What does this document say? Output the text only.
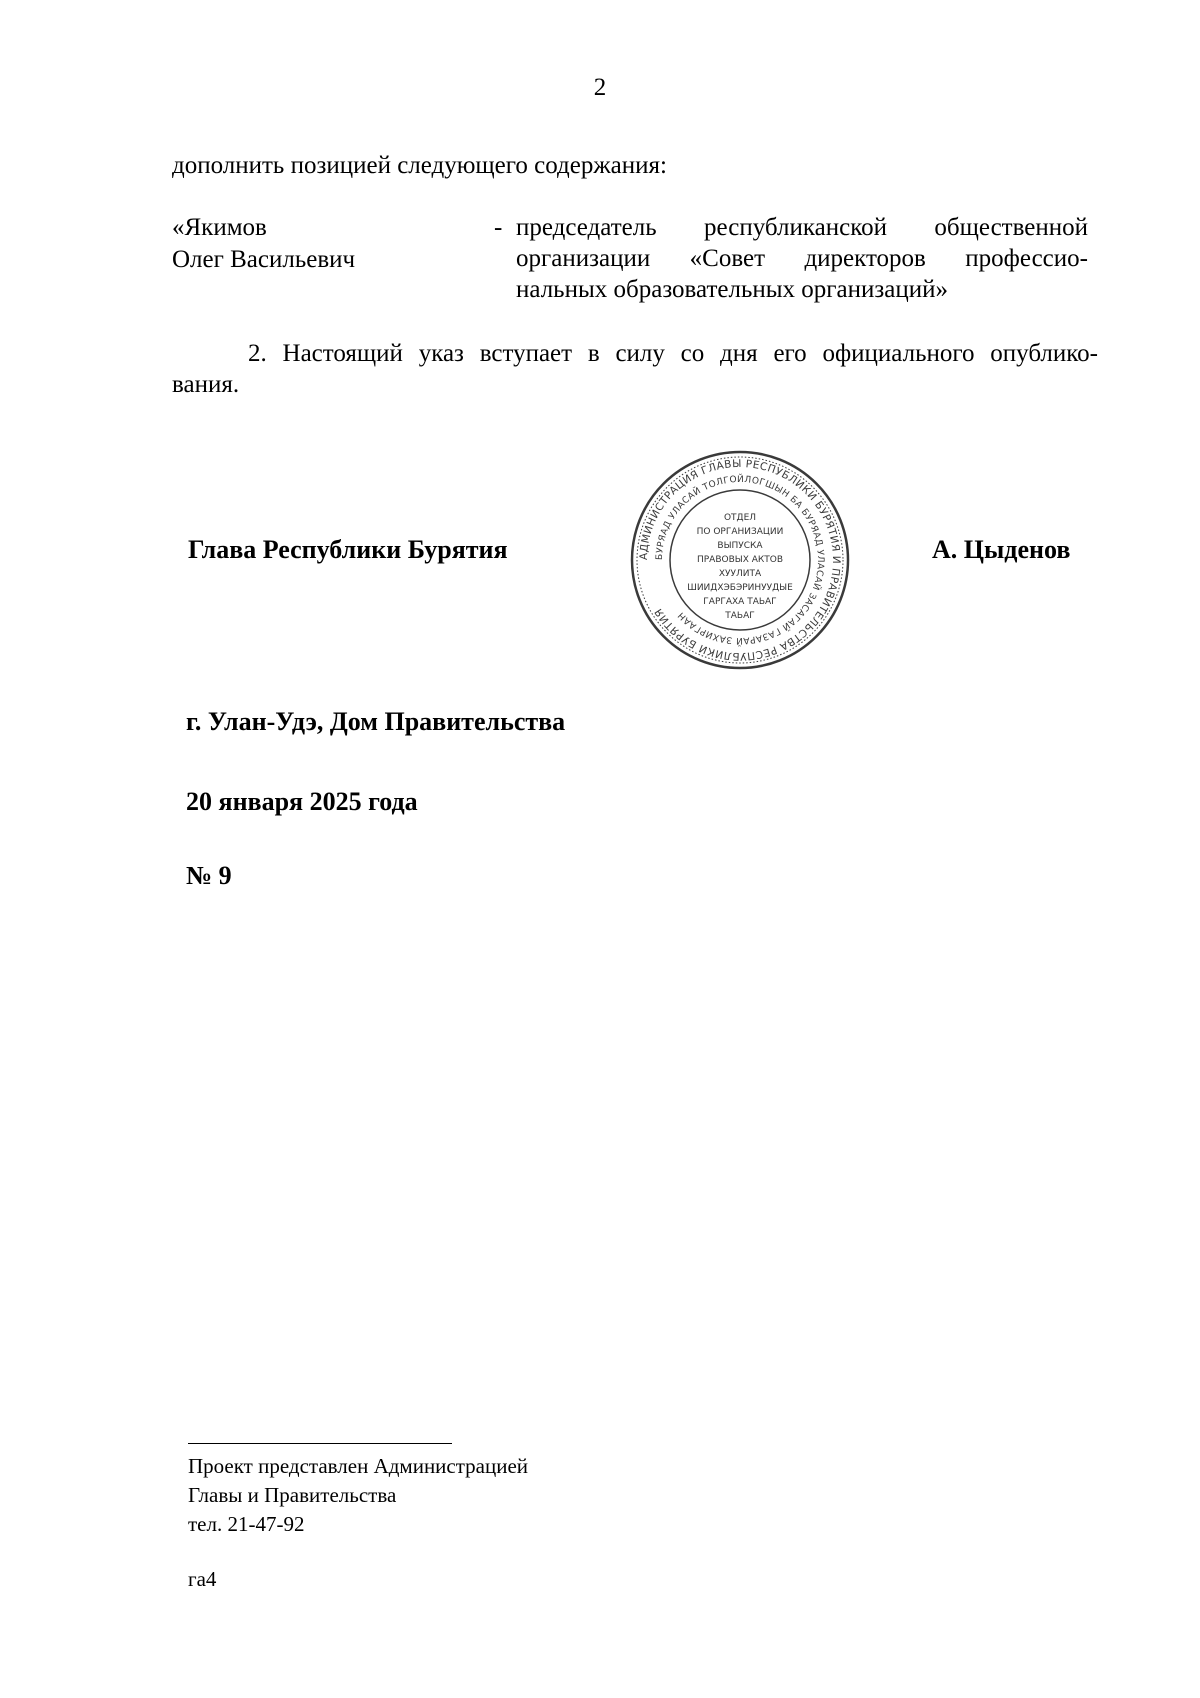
2
дополнить позицией следующего содержания:
«Якимов
Олег Васильевич
- председатель республиканской общественной
организации «Совет директоров профессио-
нальных образовательных организаций»
2. Настоящий указ вступает в силу со дня его официального опублико-
вания.
Глава Республики Бурятия	АДМИНИСТРАЦИЯ ГЛАВЫ РЕСПУБЛИКИ БУРЯТИЯ И ПРАВИТЕЛЬСТВА РЕСПУБЛИКИ БУРЯТИЯ
БУРЯАД УЛАСАЙ ТОЛГОЙЛОГШЫН БА БУРЯАД УЛАСАЙ ЗАСАГАЙ ГАЗАРАЙ ЗАХИРГААН
ОТДЕЛ
ПО ОРГАНИЗАЦИИ
ВЫПУСКА
ПРАВОВЫХ АКТОВ
ХУУЛИТА
ШИИДХЭБЭРИНУУДЫЕ
ГАРГАХА ТАЬАГ
ТАЬАГ
А. Цыденов
г. Улан-Удэ, Дом Правительства
20 января 2025 года
№ 9
Проект представлен Администрацией
Главы и Правительства
тел. 21-47-92
га4
